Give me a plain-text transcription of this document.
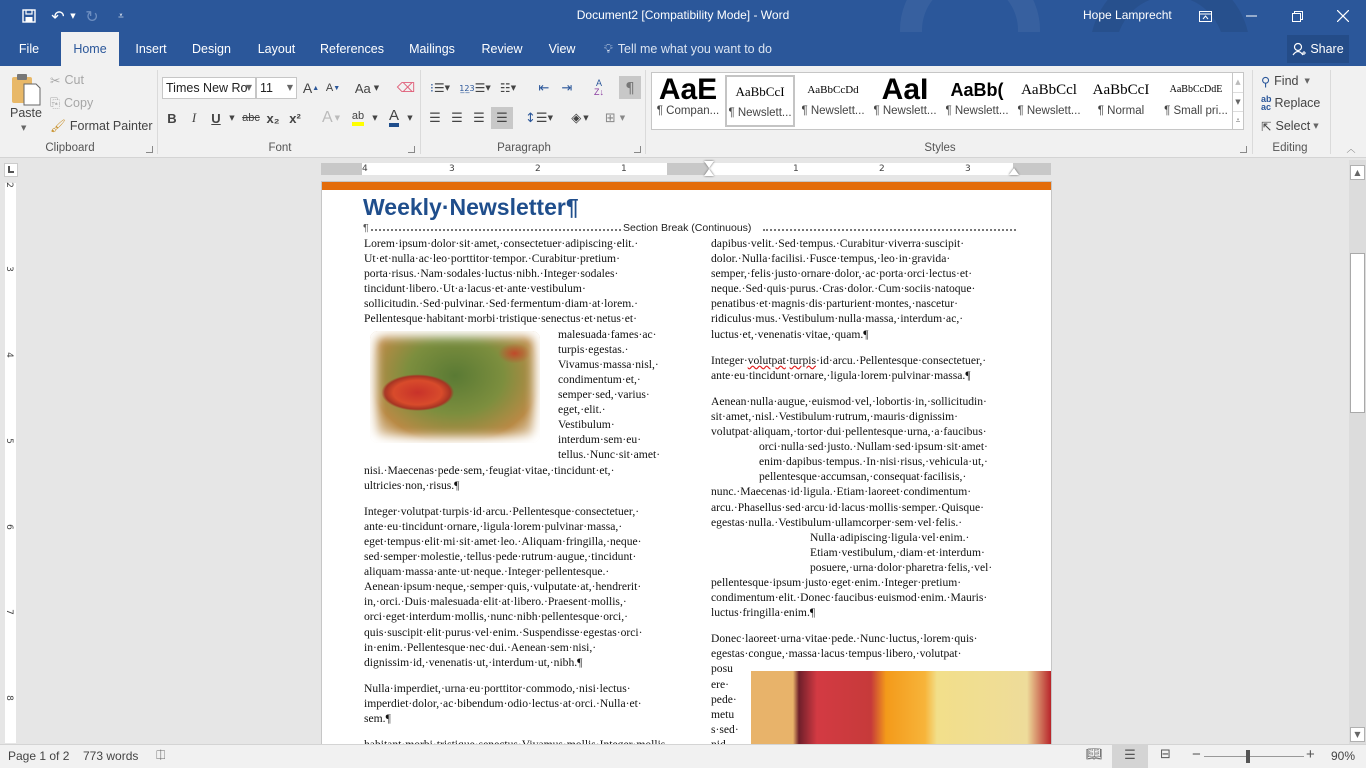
↶ ▼ ↻	⩡	Document2 [Compatibility Mode] - Word	Hope Lamprecht
File	Home	Insert	Design	Layout	References	Mailings	Review	View	💡︎ Tell me what you want to do	Share
Paste
▼
✂ Cut
⎘ Copy
🖌︎ Format Painter
Clipboard
Times New Ro
▼ 11 ▼ A ▲ A ▼ Aa ▼ ⌫
B	I	U	▼ abc x₂ x² A ▼ ab	▼ A	▼
Font
⁝ ☰ ▼ 1̲2̲3 ☰ ▼ ☷ ▼	⇤ ⇥	A
Z↓	¶
☰ ☰ ☰ ☰	↕ ☰ ▼	◈ ▼ ⊞ ▼
Paragraph
AaE
¶ Compan...
AaBbCcI
¶ Newslett...
AaBbCcDd
¶ Newslett...
AaI
¶ Newslett...
AaBb(
¶ Newslett...
AaBbCcl
¶ Newslett...
AaBbCcI
¶ Normal
AaBbCcDdE
¶ Small pri...
▲
▼
⩡
Styles
⚲ Find ▼
ab
ac Replace
⇱ Select ▼
Editing	︿
4	3	2	1	1	2	3
2
3
4
5
6
7
8
Weekly·Newsletter¶
¶	Section Break (Continuous)
Lorem·ipsum·dolor·sit·amet,·consectetuer·adipiscing·elit.· Ut·et·nulla·ac·leo·porttitor·tempor.·Curabitur·pretium· porta·risus.·Nam·sodales·luctus·nibh.·Integer·sodales· tincidunt·libero.·Ut·a·lacus·et·ante·vestibulum· sollicitudin.·Sed·pulvinar.·Sed·fermentum·diam·at·lorem.· Pellentesque·habitant·morbi·tristique·senectus·et·netus·et·
malesuada·fames·ac·
turpis·egestas.·
Vivamus·massa·nisl,·
condimentum·et,·
semper·sed,·varius·
eget,·elit.·
Vestibulum·
interdum·sem·eu·
tellus.·Nunc·sit·amet·
nisi.·Maecenas·pede·sem,·feugiat·vitae,·tincidunt·et,· ultricies·non,·risus.¶
Integer·volutpat·turpis·id·arcu.·Pellentesque·consectetuer,· ante·eu·tincidunt·ornare,·ligula·lorem·pulvinar·massa,· eget·tempus·elit·mi·sit·amet·leo.·Aliquam·fringilla,·neque· sed·semper·molestie,·tellus·pede·rutrum·augue,·tincidunt· aliquam·massa·ante·ut·neque.·Integer·pellentesque.· Aenean·ipsum·neque,·semper·quis,·vulputate·at,·hendrerit· in,·orci.·Duis·malesuada·elit·at·libero.·Praesent·mollis,· orci·eget·interdum·mollis,·nunc·nibh·pellentesque·orci,· quis·suscipit·elit·purus·vel·enim.·Suspendisse·egestas·orci· in·enim.·Pellentesque·nec·dui.·Aenean·sem·nisi,· dignissim·id,·venenatis·ut,·interdum·ut,·nibh.¶
Nulla·imperdiet,·urna·eu·porttitor·commodo,·nisi·lectus· imperdiet·dolor,·ac·bibendum·odio·lectus·at·orci.·Nulla·et· sem.¶
dapibus·velit.·Sed·tempus.·Curabitur·viverra·suscipit· dolor.·Nulla·facilisi.·Fusce·tempus,·leo·in·gravida· semper,·felis·justo·ornare·dolor,·ac·porta·orci·lectus·et· neque.·Sed·quis·purus.·Cras·dolor.·Cum·sociis·natoque· penatibus·et·magnis·dis·parturient·montes,·nascetur· ridiculus·mus.·Vestibulum·nulla·massa,·interdum·ac,· luctus·et,·venenatis·vitae,·quam.¶
Integer·volutpat·turpis·id·arcu.·Pellentesque·consectetuer,· ante·eu·tincidunt·ornare,·ligula·lorem·pulvinar·massa.¶
Aenean·nulla·augue,·euismod·vel,·lobortis·in,·sollicitudin· sit·amet,·nisl.·Vestibulum·rutrum,·mauris·dignissim· volutpat·aliquam,·tortor·dui·pellentesque·urna,·a·faucibus·
orci·nulla·sed·justo.·Nullam·sed·ipsum·sit·amet· enim·dapibus·tempus.·In·nisi·risus,·vehicula·ut,· pellentesque·accumsan,·consequat·facilisis,·
nunc.·Maecenas·id·ligula.·Etiam·laoreet·condimentum· arcu.·Phasellus·sed·arcu·id·lacus·mollis·semper.·Quisque· egestas·nulla.·Vestibulum·ullamcorper·sem·vel·felis.·
Nulla·adipiscing·ligula·vel·enim.· Etiam·vestibulum,·diam·et·interdum· posuere,·urna·dolor·pharetra·felis,·vel·
pellentesque·ipsum·justo·eget·enim.·Integer·pretium· condimentum·elit.·Donec·faucibus·euismod·enim.·Mauris· luctus·fringilla·enim.¶
Donec·laoreet·urna·vitae·pede.·Nunc·luctus,·lorem·quis· egestas·congue,·massa·lacus·tempus·libero,·volutpat·
posu
ere·
pede·
metu
s·sed·
▲
▼
Page 1 of 2 773 words ⎅	📖︎	☰	⊟ −	+ 90%
